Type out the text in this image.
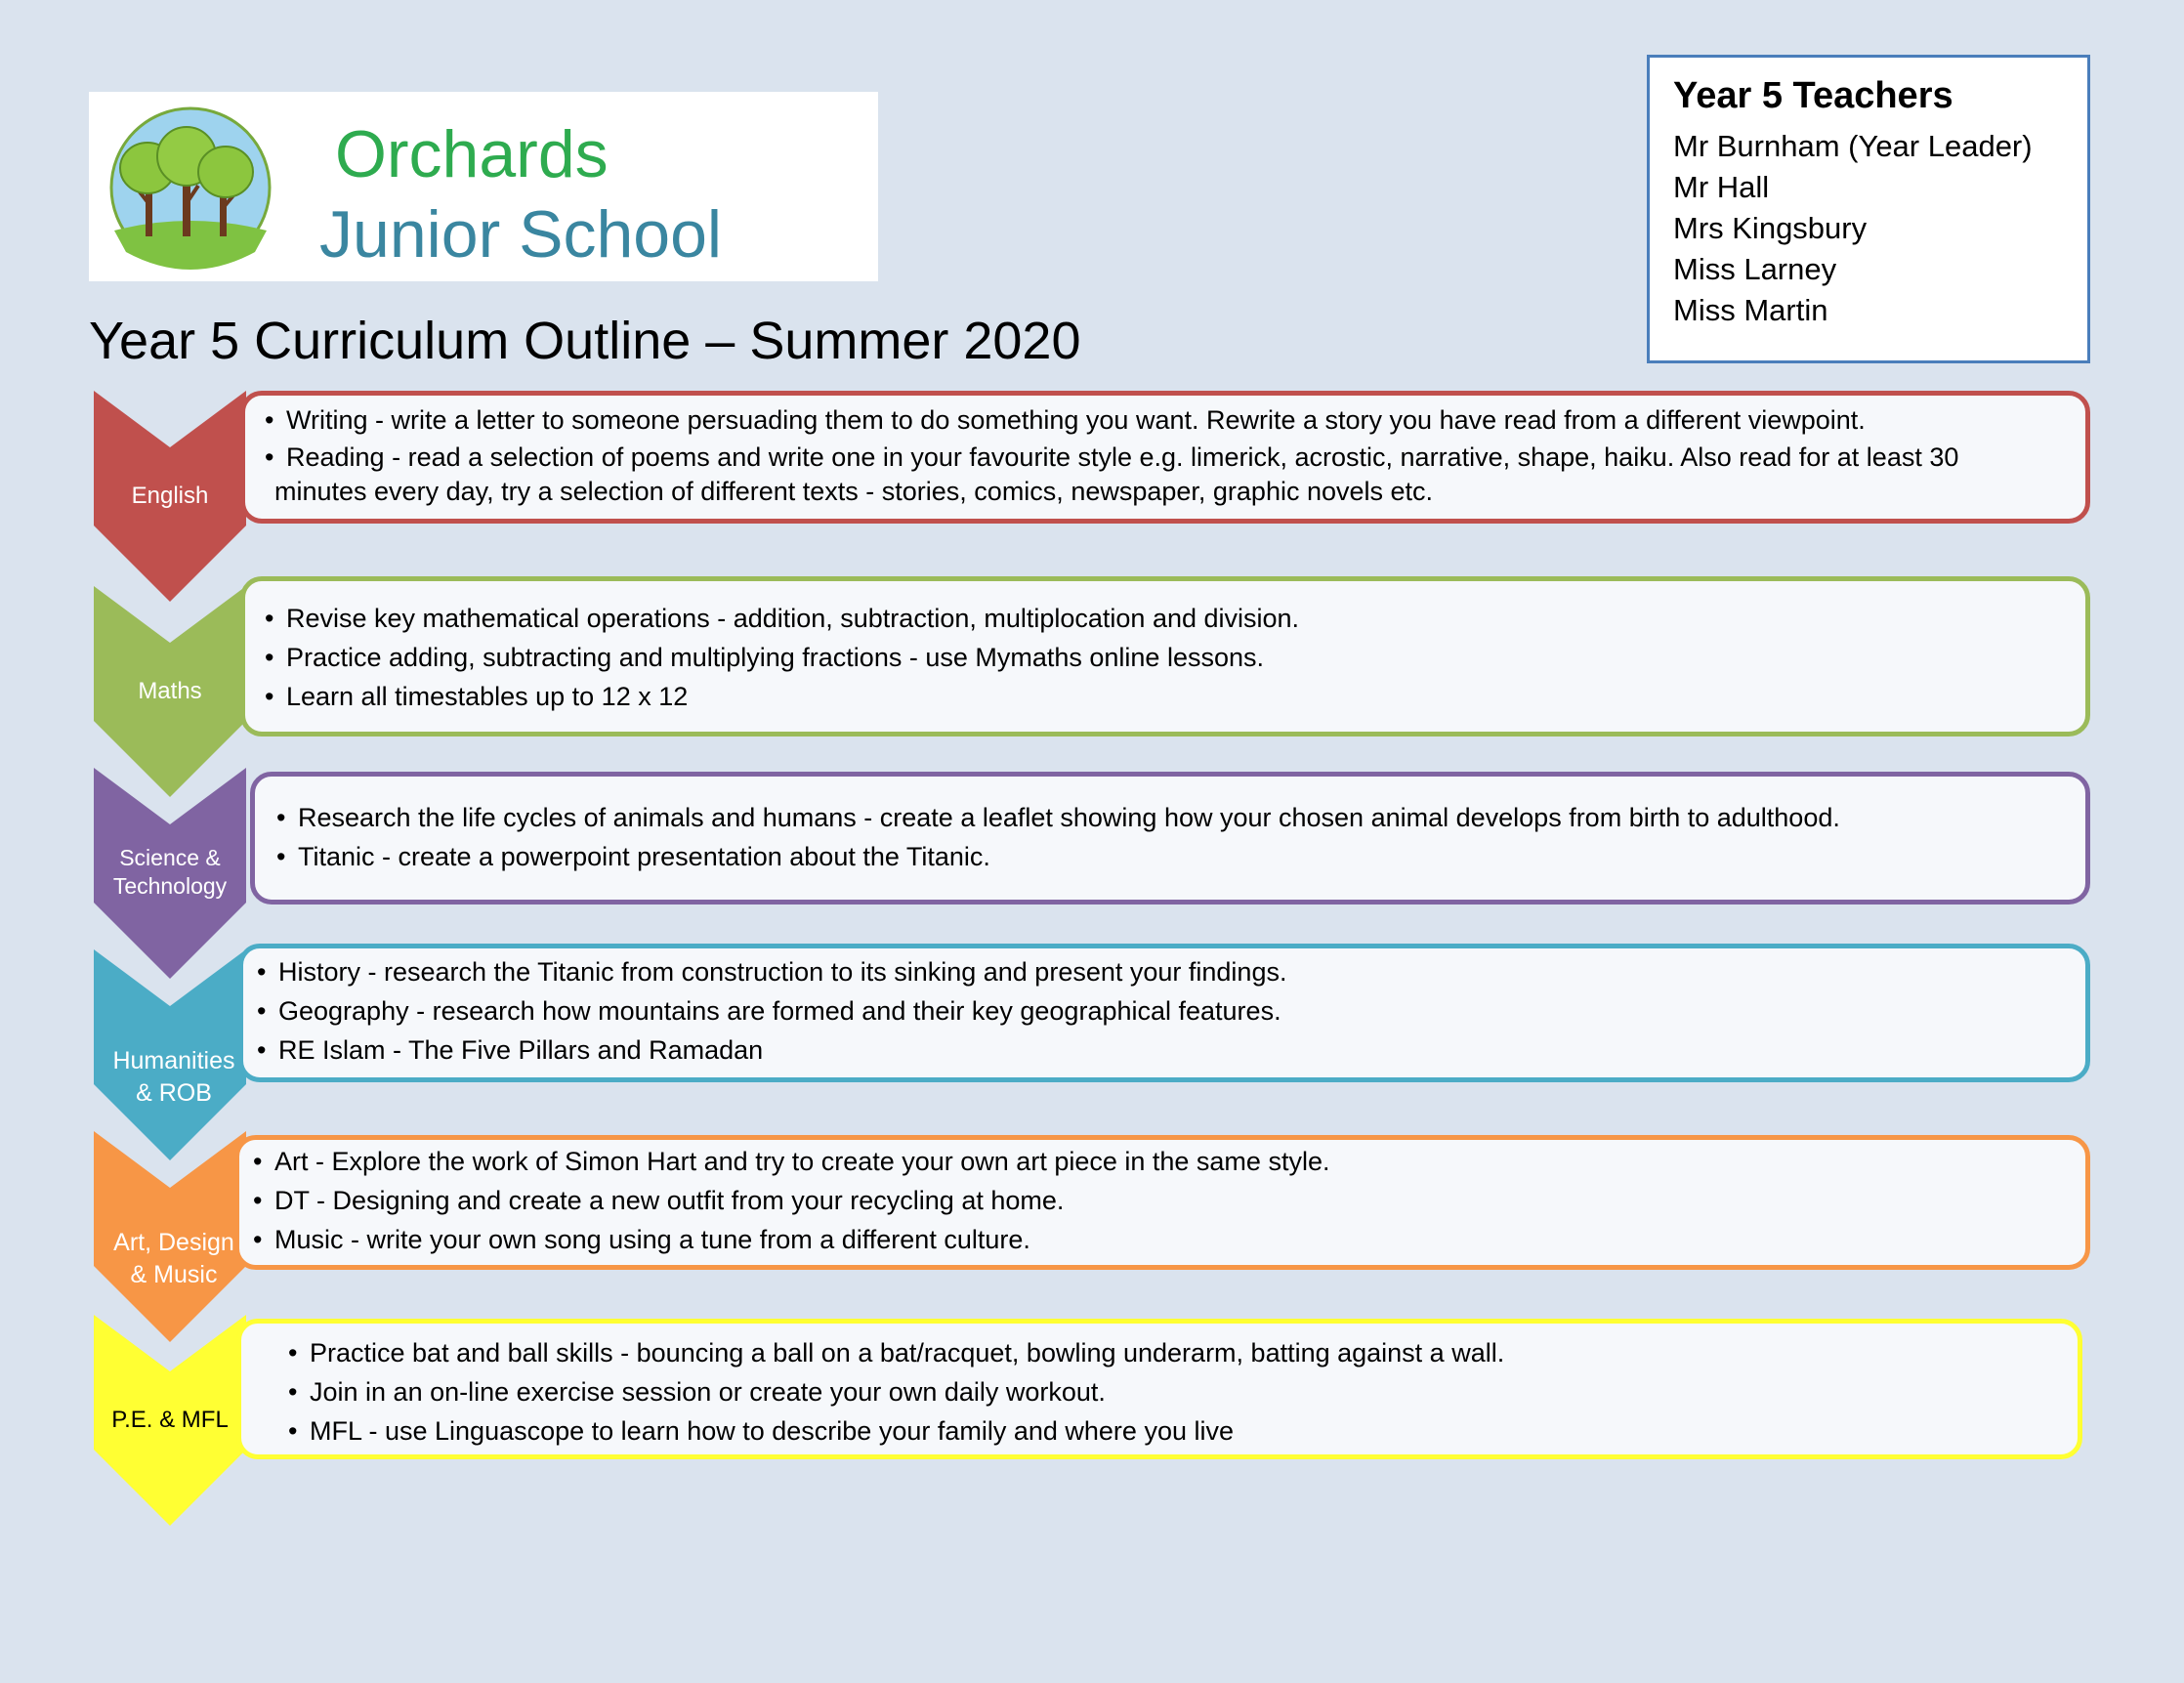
Orchards
Junior School
Year 5 Curriculum Outline – Summer 2020
Year 5 Teachers
Mr Burnham (Year Leader)
Mr Hall
Mrs Kingsbury
Miss Larney
Miss Martin
English
• Writing - write a letter to someone persuading them to do something you want. Rewrite a story you have read from a different viewpoint.
• Reading - read a selection of poems and write one in your favourite style e.g. limerick, acrostic, narrative, shape, haiku. Also read for at least 30
minutes every day, try a selection of different texts - stories, comics, newspaper, graphic novels etc.
Maths
• Revise key mathematical operations - addition, subtraction, multiplocation and division.
• Practice adding, subtracting and multiplying fractions - use Mymaths online lessons.
• Learn all timestables up to 12 x 12
Science &
Technology
• Research the life cycles of animals and humans - create a leaflet showing how your chosen animal develops from birth to adulthood.
• Titanic - create a powerpoint presentation about the Titanic.
Humanities
& ROB
• History - research the Titanic from construction to its sinking and present your findings.
• Geography - research how mountains are formed and their key geographical features.
• RE Islam - The Five Pillars and Ramadan
Art, Design
& Music
• Art - Explore the work of Simon Hart and try to create your own art piece in the same style.
• DT - Designing and create a new outfit from your recycling at home.
• Music - write your own song using a tune from a different culture.
P.E. & MFL
• Practice bat and ball skills - bouncing a ball on a bat/racquet, bowling underarm, batting against a wall.
• Join in an on-line exercise session or create your own daily workout.
• MFL - use Linguascope to learn how to describe your family and where you live
